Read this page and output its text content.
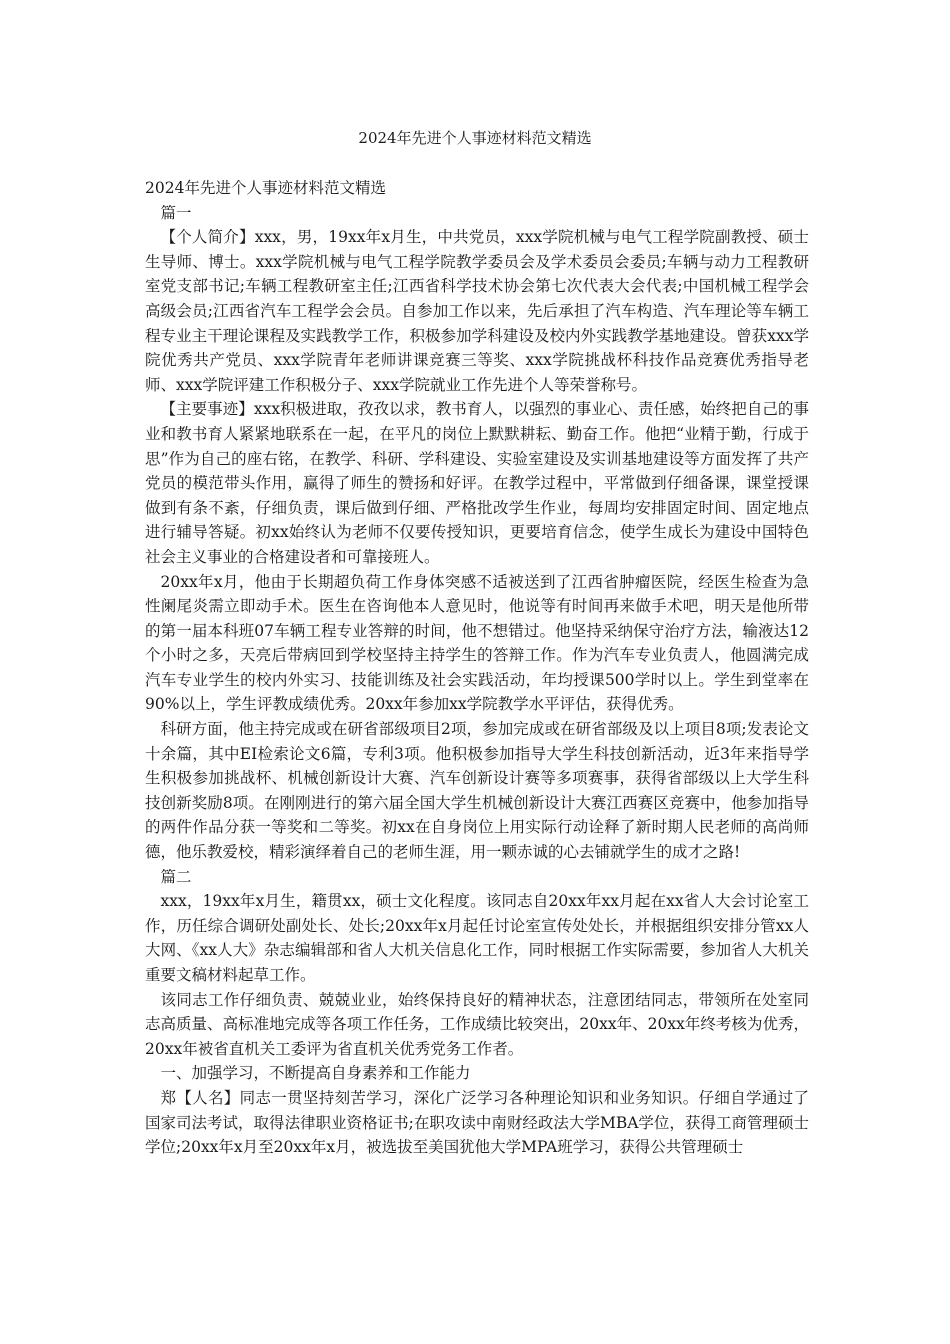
2024年先进个人事迹材料范文精选

2024年先进个人事迹材料范文精选

篇一

【个人简介】xxx，男，19xx年x月生，中共党员，xxx学院机械与电气工程学院副教授、硕士生导师、博士。xxx学院机械与电气工程学院教学委员会及学术委员会委员;车辆与动力工程教研室党支部书记;车辆工程教研室主任;江西省科学技术协会第七次代表大会代表;中国机械工程学会高级会员;江西省汽车工程学会会员。自参加工作以来，先后承担了汽车构造、汽车理论等车辆工程专业主干理论课程及实践教学工作，积极参加学科建设及校内外实践教学基地建设。曾获xxx学院优秀共产党员、xxx学院青年老师讲课竞赛三等奖、xxx学院挑战杯科技作品竞赛优秀指导老师、xxx学院评建工作积极分子、xxx学院就业工作先进个人等荣誉称号。

【主要事迹】xxx积极进取，孜孜以求，教书育人，以强烈的事业心、责任感，始终把自己的事业和教书育人紧紧地联系在一起，在平凡的岗位上默默耕耘、勤奋工作。他把“业精于勤，行成于思”作为自己的座右铭，在教学、科研、学科建设、实验室建设及实训基地建设等方面发挥了共产党员的模范带头作用，赢得了师生的赞扬和好评。在教学过程中，平常做到仔细备课，课堂授课做到有条不紊，仔细负责，课后做到仔细、严格批改学生作业，每周均安排固定时间、固定地点进行辅导答疑。初xx始终认为老师不仅要传授知识，更要培育信念，使学生成长为建设中国特色社会主义事业的合格建设者和可靠接班人。

20xx年x月，他由于长期超负荷工作身体突感不适被送到了江西省肿瘤医院，经医生检查为急性阑尾炎需立即动手术。医生在咨询他本人意见时，他说等有时间再来做手术吧，明天是他所带的第一届本科班07车辆工程专业答辩的时间，他不想错过。他坚持采纳保守治疗方法，输液达12个小时之多，天亮后带病回到学校坚持主持学生的答辩工作。作为汽车专业负责人，他圆满完成汽车专业学生的校内外实习、技能训练及社会实践活动，年均授课500学时以上。学生到堂率在90%以上，学生评教成绩优秀。20xx年参加xx学院教学水平评估，获得优秀。

科研方面，他主持完成或在研省部级项目2项，参加完成或在研省部级及以上项目8项;发表论文十余篇，其中EI检索论文6篇，专利3项。他积极参加指导大学生科技创新活动，近3年来指导学生积极参加挑战杯、机械创新设计大赛、汽车创新设计赛等多项赛事，获得省部级以上大学生科技创新奖励8项。在刚刚进行的第六届全国大学生机械创新设计大赛江西赛区竞赛中，他参加指导的两件作品分获一等奖和二等奖。初xx在自身岗位上用实际行动诠释了新时期人民老师的高尚师德，他乐教爱校，精彩演绎着自己的老师生涯，用一颗赤诚的心去铺就学生的成才之路!

篇二

xxx，19xx年x月生，籍贯xx，硕士文化程度。该同志自20xx年xx月起在xx省人大会讨论室工作，历任综合调研处副处长、处长;20xx年x月起任讨论室宣传处处长，并根据组织安排分管xx人大网、《xx人大》杂志编辑部和省人大机关信息化工作，同时根据工作实际需要，参加省人大机关重要文稿材料起草工作。

该同志工作仔细负责、兢兢业业，始终保持良好的精神状态，注意团结同志，带领所在处室同志高质量、高标准地完成等各项工作任务，工作成绩比较突出，20xx年、20xx年终考核为优秀，20xx年被省直机关工委评为省直机关优秀党务工作者。

一、加强学习，不断提高自身素养和工作能力

郑【人名】同志一贯坚持刻苦学习，深化广泛学习各种理论知识和业务知识。仔细自学通过了国家司法考试，取得法律职业资格证书;在职攻读中南财经政法大学MBA学位，获得工商管理硕士学位;20xx年x月至20xx年x月，被选拔至美国犹他大学MPA班学习，获得公共管理硕士
